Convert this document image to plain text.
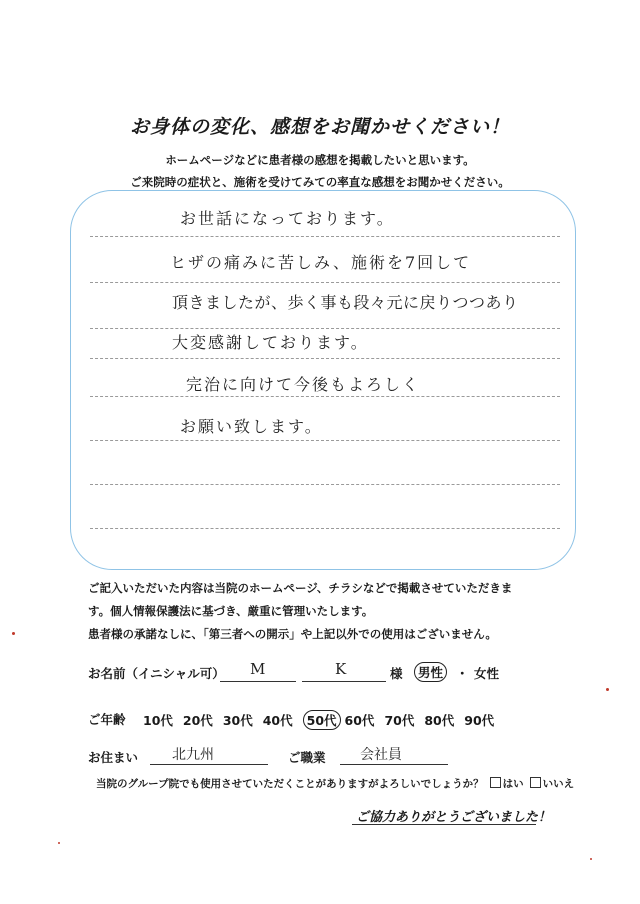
お身体の変化、感想をお聞かせください！
ホームページなどに患者様の感想を掲載したいと思います。
ご来院時の症状と、施術を受けてみての率直な感想をお聞かせください。
お世話になっております。
ヒザの痛みに苦しみ、施術を7回して
頂きましたが、歩く事も段々元に戻りつつあり
大変感謝しております。
完治に向けて今後もよろしく
お願い致します。
ご記入いただいた内容は当院のホームページ、チラシなどで掲載させていただきま
す。個人情報保護法に基づき、厳重に管理いたします。
患者様の承諾なしに、「第三者への開示」や上記以外での使用はございません。
お名前（イニシャル可） M	K	様	男性	・ 女性
ご年齢 10代 20代 30代 40代 50代 60代 70代 80代 90代
お住まい 北九州	ご職業 会社員
当院のグループ院でも使用させていただくことがありますがよろしいでしょうか？ はい いいえ
ご協力ありがとうございました！
